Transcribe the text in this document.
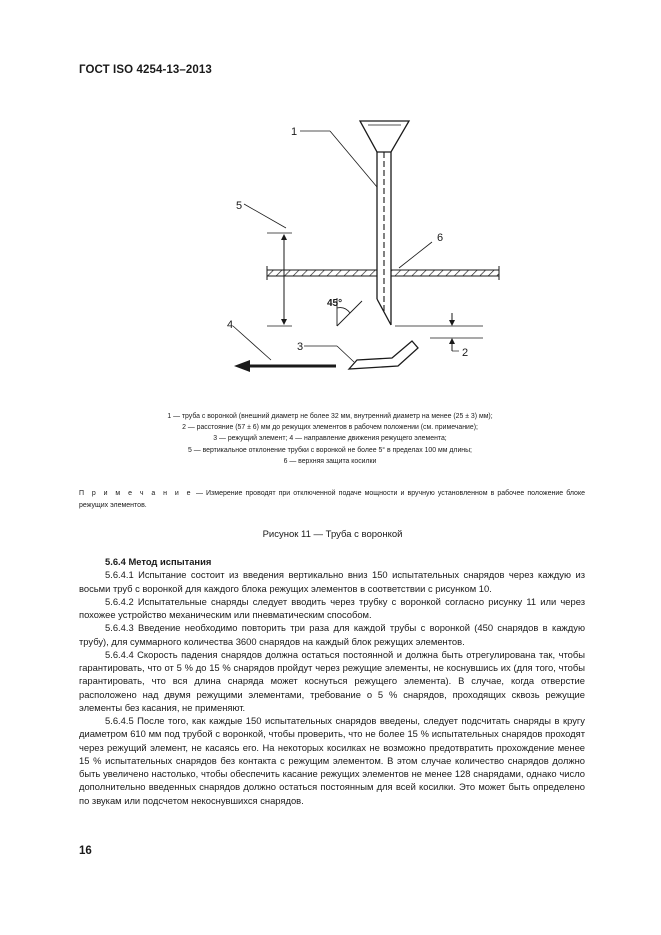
ГОСТ ISO 4254-13–2013
1
5
6
45°
4
3	2
1 — труба с воронкой (внешний диаметр не более 32 мм, внутренний диаметр на менее (25 ± 3) мм);
2 — расстояние (57 ± 6) мм до режущих элементов в рабочем положении (см. примечание);
3 — режущий элемент; 4 — направление движения режущего элемента;
5 — вертикальное отклонение трубки с воронкой не более 5° в пределах 100 мм длины;
6 — верхняя защита косилки
П р и м е ч а н и е — Измерение проводят при отключенной подаче мощности и вручную установленном в рабочее положение блоке режущих элементов.
Рисунок 11 — Труба с воронкой

5.6.4 Метод испытания

5.6.4.1 Испытание состоит из введения вертикально вниз 150 испытательных снарядов через каждую из восьми труб с воронкой для каждого блока режущих элементов в соответствии с рисунком 10.

5.6.4.2 Испытательные снаряды следует вводить через трубку с воронкой согласно рисунку 11 или через похожее устройство механическим или пневматическим способом.

5.6.4.3 Введение необходимо повторить три раза для каждой трубы с воронкой (450 снарядов в каждую трубу), для суммарного количества 3600 снарядов на каждый блок режущих элементов.

5.6.4.4 Скорость падения снарядов должна остаться постоянной и должна быть отрегулирована так, чтобы гарантировать, что от 5 % до 15 % снарядов пройдут через режущие элементы, не коснувшись их (для того, чтобы гарантировать, что вся длина снаряда может коснуться режущего элемента). В случае, когда отверстие расположено над двумя режущими элементами, требование о 5 % снарядов, проходящих сквозь режущие элементы без касания, не применяют.

5.6.4.5 После того, как каждые 150 испытательных снарядов введены, следует подсчитать снаряды в кругу диаметром 610 мм под трубой с воронкой, чтобы проверить, что не более 15 % испытательных снарядов проходят через режущий элемент, не касаясь его. На некоторых косилках не возможно предотвратить прохождение менее 15 % испытательных снарядов без контакта с режущим элементом. В этом случае количество снарядов должно быть увеличено настолько, чтобы обеспечить касание режущих элементов не менее 128 снарядами, однако число дополнительно введенных снарядов должно остаться постоянным для всей косилки. Это может быть определено по звукам или подсчетом некоснувшихся снарядов.

16
